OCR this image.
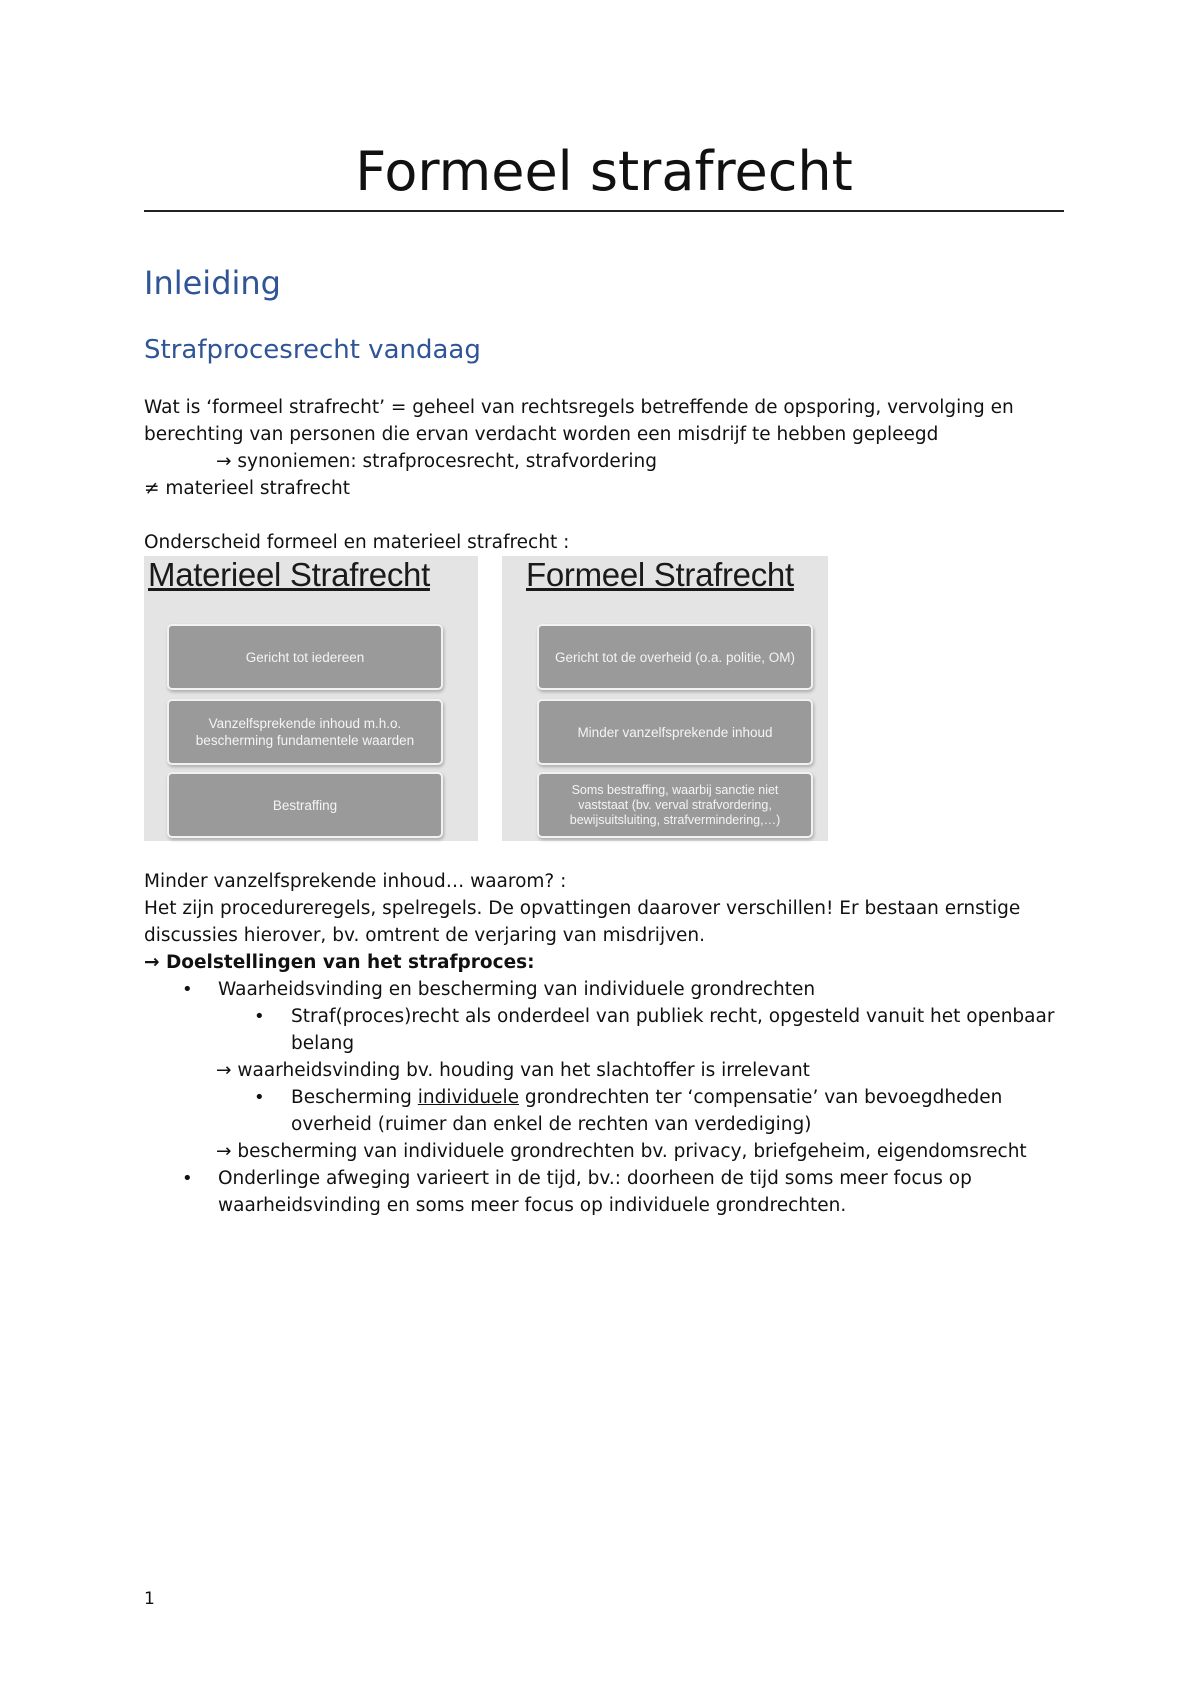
Formeel strafrecht
Inleiding
Strafprocesrecht vandaag

Wat is ‘formeel strafrecht’ = geheel van rechtsregels betreffende de opsporing, vervolging en

berechting van personen die ervan verdacht worden een misdrijf te hebben gepleegd

→ synoniemen: strafprocesrecht, strafvordering

≠ materieel strafrecht

Onderscheid formeel en materieel strafrecht :

Materieel Strafrecht
Gericht tot iedereen
Vanzelfsprekende inhoud m.h.o. bescherming fundamentele waarden
Bestraffing
Formeel Strafrecht
Gericht tot de overheid (o.a. politie, OM)
Minder vanzelfsprekende inhoud
Soms bestraffing, waarbij sanctie niet vaststaat (bv. verval strafvordering, bewijsuitsluiting, strafvermindering,…)

Minder vanzelfsprekende inhoud… waarom? :

Het zijn procedureregels, spelregels. De opvattingen daarover verschillen! Er bestaan ernstige

discussies hierover, bv. omtrent de verjaring van misdrijven.

→ Doelstellingen van het strafproces:

• Waarheidsvinding en bescherming van individuele grondrechten

• Straf(proces)recht als onderdeel van publiek recht, opgesteld vanuit het openbaar

belang

→ waarheidsvinding bv. houding van het slachtoffer is irrelevant

• Bescherming individuele grondrechten ter ‘compensatie’ van bevoegdheden

overheid (ruimer dan enkel de rechten van verdediging)

→ bescherming van individuele grondrechten bv. privacy, briefgeheim, eigendomsrecht

• Onderlinge afweging varieert in de tijd, bv.: doorheen de tijd soms meer focus op

waarheidsvinding en soms meer focus op individuele grondrechten.

1
